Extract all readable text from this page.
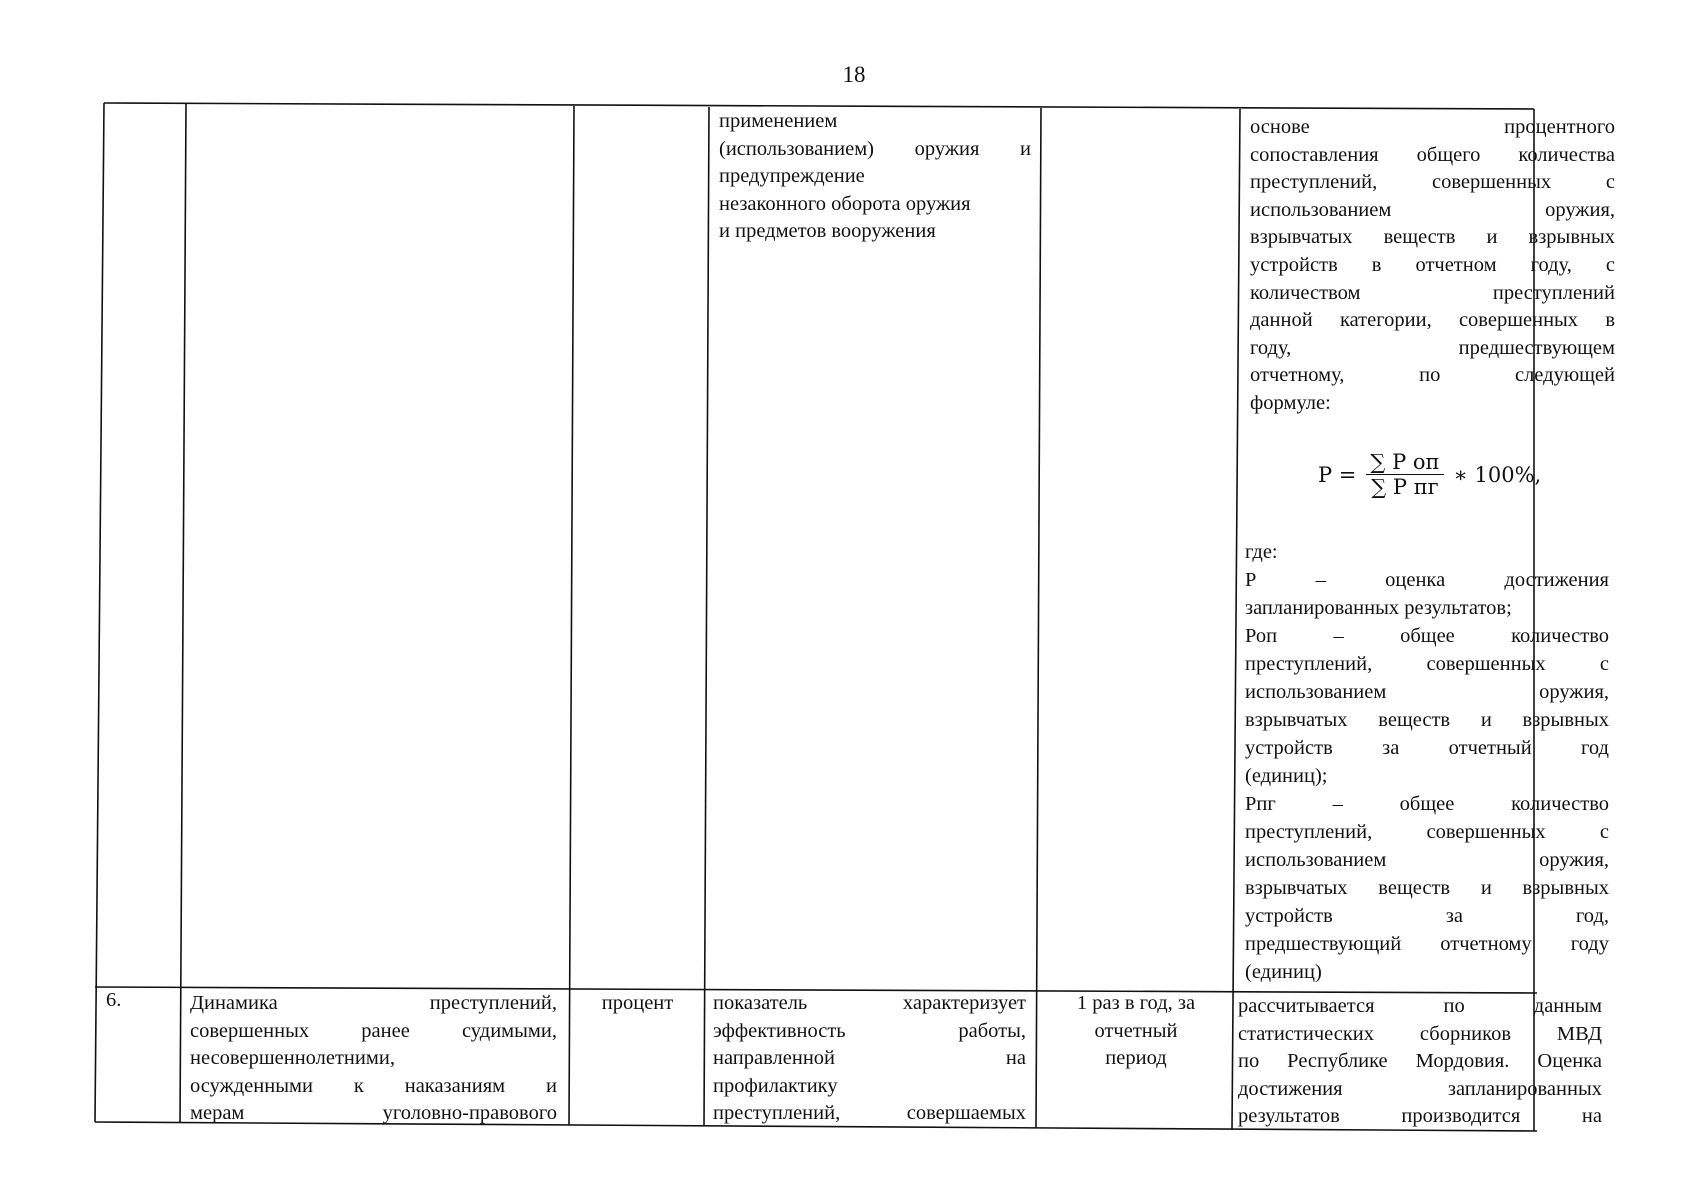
18
применением
(использованием) оружия и
предупреждение
незаконного оборота оружия
и предметов вооружения
основе процентного
сопоставления общего количества
преступлений, совершенных с
использованием оружия,
взрывчатых веществ и взрывных
устройств в отчетном году, с
количеством преступлений
данной категории, совершенных в
году, предшествующем
отчетному, по следующей
формуле:
$P = \frac{\text{∑ P оп}}{\text{∑ P пг}}$ ∗ 100%,
где:
Р – оценка достижения
запланированных результатов;
Роп – общее количество
преступлений, совершенных с
использованием оружия,
взрывчатых веществ и взрывных
устройств за отчетный год
(единиц);
Рпг – общее количество
преступлений, совершенных с
использованием оружия,
взрывчатых веществ и взрывных
устройств за год,
предшествующий отчетному году
(единиц)
6.	Динамика преступлений,
совершенных ранее судимыми,
несовершеннолетними,
осужденными к наказаниям и
мерам уголовно-правового
процент	показатель характеризует
эффективность работы,
направленной на
профилактику
преступлений, совершаемых
1 раз в год, за
отчетный
период
рассчитывается по данным
статистических сборников МВД
по Республике Мордовия. Оценка
достижения запланированных
результатов производится на
